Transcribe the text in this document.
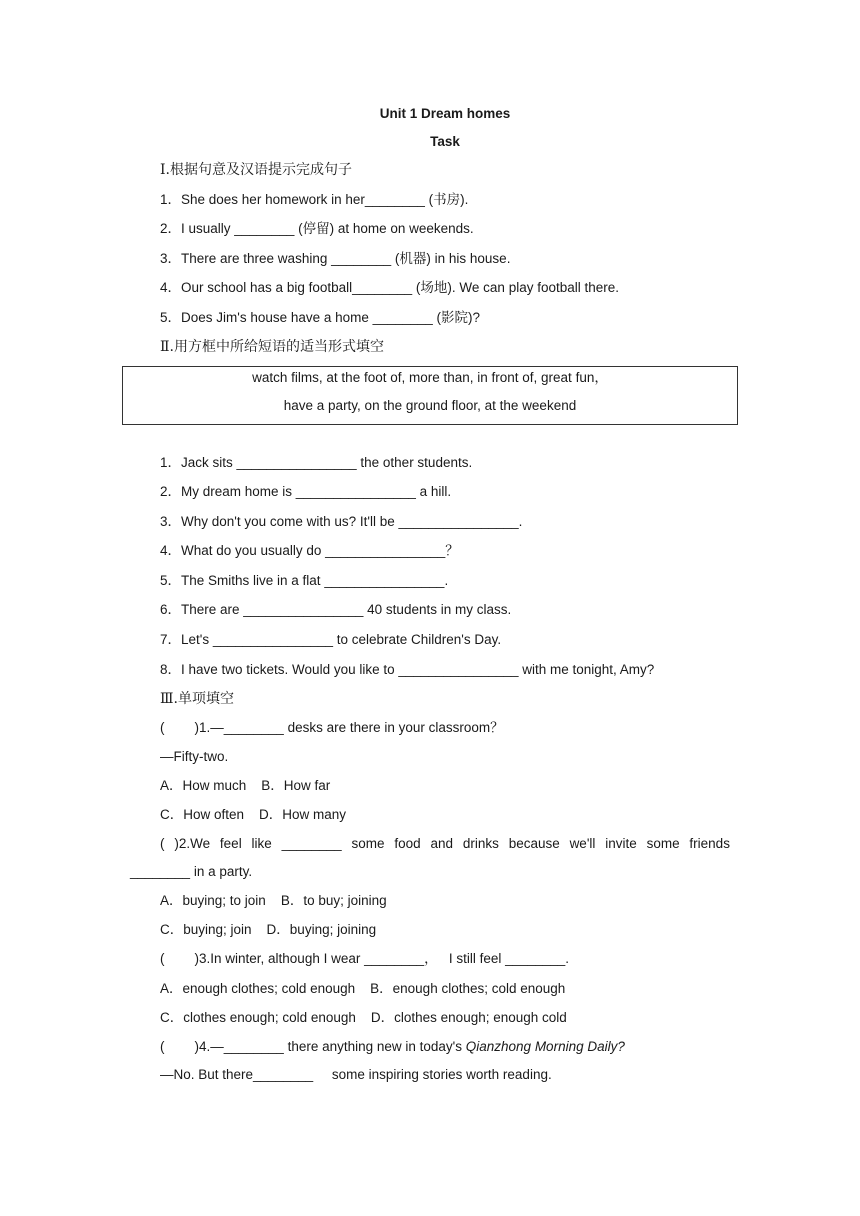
Unit 1 Dream homes
Task
Ⅰ.根据句意及汉语提示完成句子
1．She does her homework in her________ (书房).
2．I usually ________ (停留) at home on weekends.
3．There are three washing ________ (机器) in his house.
4．Our school has a big football________ (场地). We can play football there.
5．Does Jim's house have a home ________ (影院)?
Ⅱ.用方框中所给短语的适当形式填空
watch films, at the foot of, more than, in front of, great fun，
have a party, on the ground floor, at the weekend
1．Jack sits ________________ the other students.
2．My dream home is ________________ a hill.
3．Why don't you come with us? It'll be ________________.
4．What do you usually do ________________？
5．The Smiths live in a flat ________________.
6．There are ________________ 40 students in my class.
7．Let's ________________ to celebrate Children's Day.
8．I have two tickets. Would you like to ________________ with me tonight, Amy?
Ⅲ.单项填空
(        )1.—________ desks are there in your classroom？
—Fifty-two.
A．How much    B．How far
C．How often    D．How many
( )2.We feel like ________ some food and drinks because we'll invite some friends
________ in a party.
A．buying; to join    B．to buy; joining
C．buying; join    D．buying; joining
(        )3.In winter, although I wear ________，   I still feel ________.
A．enough clothes; cold enough    B．enough clothes; cold enough
C．clothes enough; cold enough    D．clothes enough; enough cold
(        )4.—________ there anything new in today's Qianzhong Morning Daily?
—No. But there________     some inspiring stories worth reading.
